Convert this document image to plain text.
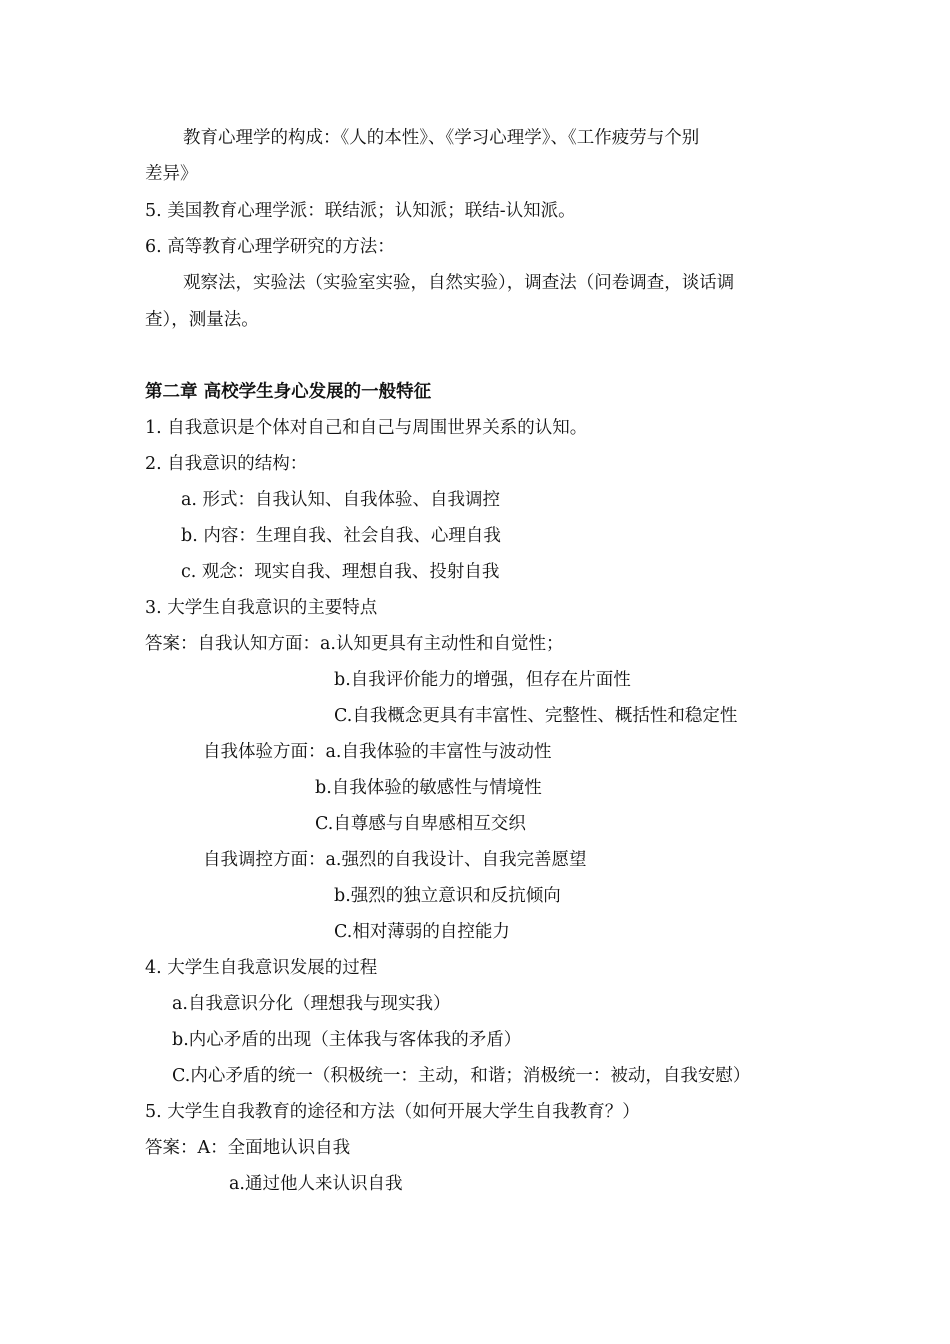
教育心理学的构成：《人的本性》、《学习心理学》、《工作疲劳与个别
差异》
5. 美国教育心理学派：联结派；认知派；联结-认知派。
6. 高等教育心理学研究的方法：
观察法，实验法（实验室实验，自然实验），调查法（问卷调查，谈话调
查），测量法。
第二章 高校学生身心发展的一般特征
1. 自我意识是个体对自己和自己与周围世界关系的认知。
2. 自我意识的结构：
a. 形式：自我认知、自我体验、自我调控
b. 内容：生理自我、社会自我、心理自我
c. 观念：现实自我、理想自我、投射自我
3. 大学生自我意识的主要特点
答案：自我认知方面：a.认知更具有主动性和自觉性；
b.自我评价能力的增强，但存在片面性
C.自我概念更具有丰富性、完整性、概括性和稳定性
自我体验方面：a.自我体验的丰富性与波动性
b.自我体验的敏感性与情境性
C.自尊感与自卑感相互交织
自我调控方面：a.强烈的自我设计、自我完善愿望
b.强烈的独立意识和反抗倾向
C.相对薄弱的自控能力
4. 大学生自我意识发展的过程
a.自我意识分化（理想我与现实我）
b.内心矛盾的出现（主体我与客体我的矛盾）
C.内心矛盾的统一（积极统一：主动，和谐；消极统一：被动，自我安慰）
5. 大学生自我教育的途径和方法（如何开展大学生自我教育？）
答案：A：全面地认识自我
a.通过他人来认识自我
